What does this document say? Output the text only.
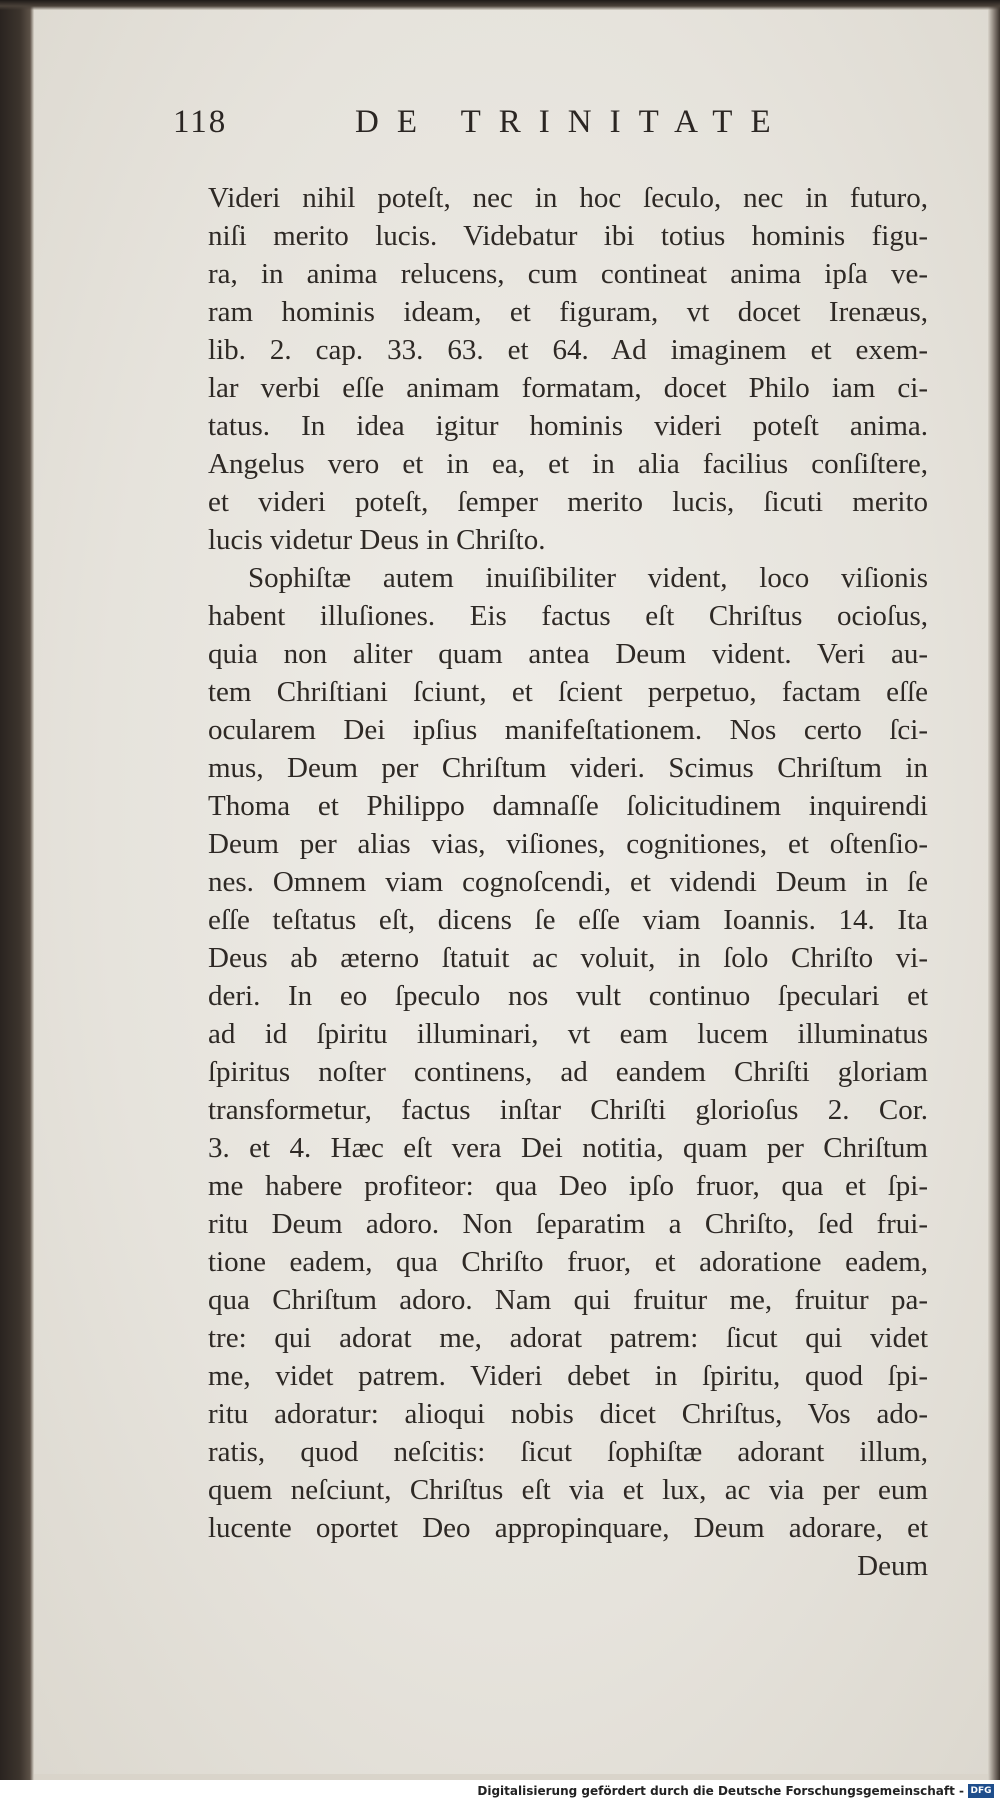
118	DE TRINITATE
Videri nihil poteſt, nec in hoc ſeculo, nec in futuro,
niſi merito lucis. Videbatur ibi totius hominis figu-
ra, in anima relucens, cum contineat anima ipſa ve-
ram hominis ideam, et figuram, vt docet Irenæus,
lib. 2. cap. 33. 63. et 64. Ad imaginem et exem-
lar verbi eſſe animam formatam, docet Philo iam ci-
tatus. In idea igitur hominis videri poteſt anima.
Angelus vero et in ea, et in alia facilius conſiſtere,
et videri poteſt, ſemper merito lucis, ſicuti merito
lucis videtur Deus in Chriſto.
Sophiſtæ autem inuiſibiliter vident, loco viſionis
habent illuſiones. Eis factus eſt Chriſtus ocioſus,
quia non aliter quam antea Deum vident. Veri au-
tem Chriſtiani ſciunt, et ſcient perpetuo, factam eſſe
ocularem Dei ipſius manifeſtationem. Nos certo ſci-
mus, Deum per Chriſtum videri. Scimus Chriſtum in
Thoma et Philippo damnaſſe ſolicitudinem inquirendi
Deum per alias vias, viſiones, cognitiones, et oſtenſio-
nes. Omnem viam cognoſcendi, et videndi Deum in ſe
eſſe teſtatus eſt, dicens ſe eſſe viam Ioannis. 14. Ita
Deus ab æterno ſtatuit ac voluit, in ſolo Chriſto vi-
deri. In eo ſpeculo nos vult continuo ſpeculari et
ad id ſpiritu illuminari, vt eam lucem illuminatus
ſpiritus noſter continens, ad eandem Chriſti gloriam
transformetur, factus inſtar Chriſti glorioſus 2. Cor.
3. et 4. Hæc eſt vera Dei notitia, quam per Chriſtum
me habere profiteor: qua Deo ipſo fruor, qua et ſpi-
ritu Deum adoro. Non ſeparatim a Chriſto, ſed frui-
tione eadem, qua Chriſto fruor, et adoratione eadem,
qua Chriſtum adoro. Nam qui fruitur me, fruitur pa-
tre: qui adorat me, adorat patrem: ſicut qui videt
me, videt patrem. Videri debet in ſpiritu, quod ſpi-
ritu adoratur: alioqui nobis dicet Chriſtus, Vos ado-
ratis, quod neſcitis: ſicut ſophiſtæ adorant illum,
quem neſciunt, Chriſtus eſt via et lux, ac via per eum
lucente oportet Deo appropinquare, Deum adorare, et
Deum
Digitalisierung gefördert durch die Deutsche Forschungsgemeinschaft - DFG
